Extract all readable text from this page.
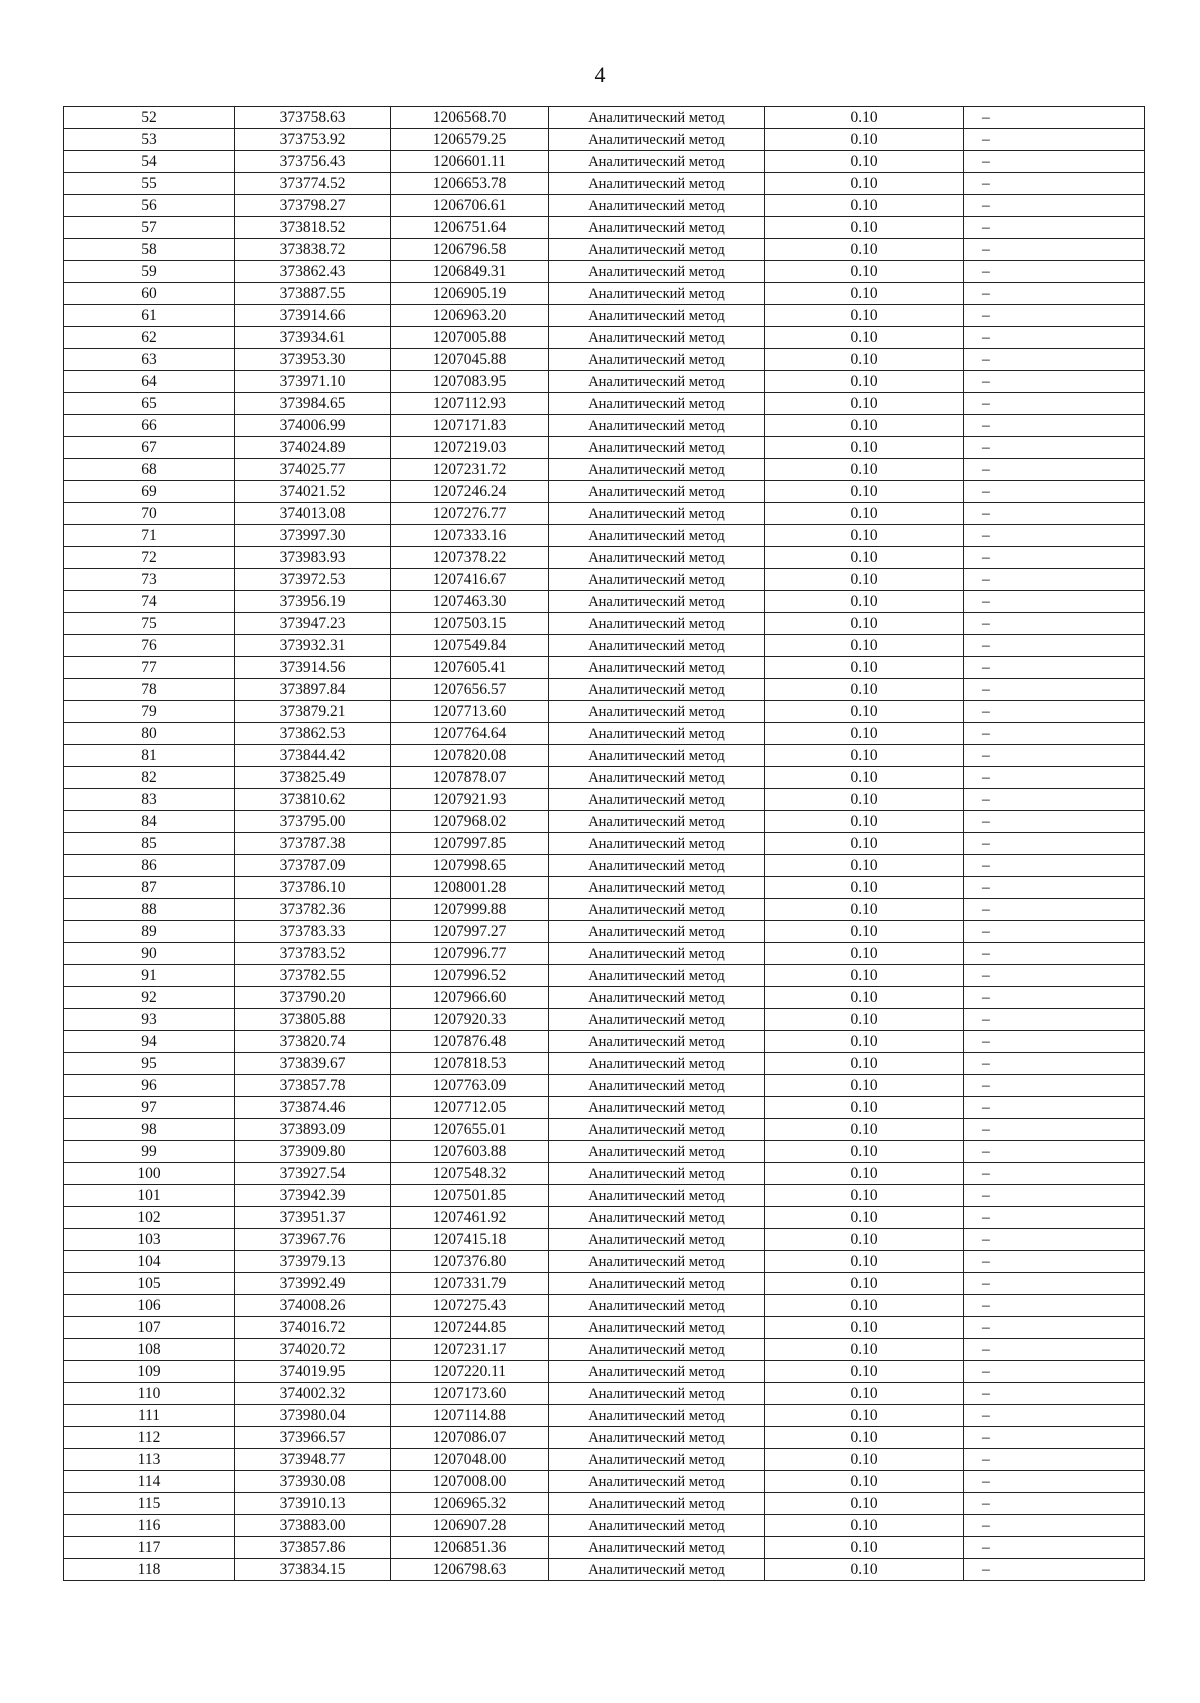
4
52	373758.63	1206568.70	Аналитический метод	0.10	–
53	373753.92	1206579.25	Аналитический метод	0.10	–
54	373756.43	1206601.11	Аналитический метод	0.10	–
55	373774.52	1206653.78	Аналитический метод	0.10	–
56	373798.27	1206706.61	Аналитический метод	0.10	–
57	373818.52	1206751.64	Аналитический метод	0.10	–
58	373838.72	1206796.58	Аналитический метод	0.10	–
59	373862.43	1206849.31	Аналитический метод	0.10	–
60	373887.55	1206905.19	Аналитический метод	0.10	–
61	373914.66	1206963.20	Аналитический метод	0.10	–
62	373934.61	1207005.88	Аналитический метод	0.10	–
63	373953.30	1207045.88	Аналитический метод	0.10	–
64	373971.10	1207083.95	Аналитический метод	0.10	–
65	373984.65	1207112.93	Аналитический метод	0.10	–
66	374006.99	1207171.83	Аналитический метод	0.10	–
67	374024.89	1207219.03	Аналитический метод	0.10	–
68	374025.77	1207231.72	Аналитический метод	0.10	–
69	374021.52	1207246.24	Аналитический метод	0.10	–
70	374013.08	1207276.77	Аналитический метод	0.10	–
71	373997.30	1207333.16	Аналитический метод	0.10	–
72	373983.93	1207378.22	Аналитический метод	0.10	–
73	373972.53	1207416.67	Аналитический метод	0.10	–
74	373956.19	1207463.30	Аналитический метод	0.10	–
75	373947.23	1207503.15	Аналитический метод	0.10	–
76	373932.31	1207549.84	Аналитический метод	0.10	–
77	373914.56	1207605.41	Аналитический метод	0.10	–
78	373897.84	1207656.57	Аналитический метод	0.10	–
79	373879.21	1207713.60	Аналитический метод	0.10	–
80	373862.53	1207764.64	Аналитический метод	0.10	–
81	373844.42	1207820.08	Аналитический метод	0.10	–
82	373825.49	1207878.07	Аналитический метод	0.10	–
83	373810.62	1207921.93	Аналитический метод	0.10	–
84	373795.00	1207968.02	Аналитический метод	0.10	–
85	373787.38	1207997.85	Аналитический метод	0.10	–
86	373787.09	1207998.65	Аналитический метод	0.10	–
87	373786.10	1208001.28	Аналитический метод	0.10	–
88	373782.36	1207999.88	Аналитический метод	0.10	–
89	373783.33	1207997.27	Аналитический метод	0.10	–
90	373783.52	1207996.77	Аналитический метод	0.10	–
91	373782.55	1207996.52	Аналитический метод	0.10	–
92	373790.20	1207966.60	Аналитический метод	0.10	–
93	373805.88	1207920.33	Аналитический метод	0.10	–
94	373820.74	1207876.48	Аналитический метод	0.10	–
95	373839.67	1207818.53	Аналитический метод	0.10	–
96	373857.78	1207763.09	Аналитический метод	0.10	–
97	373874.46	1207712.05	Аналитический метод	0.10	–
98	373893.09	1207655.01	Аналитический метод	0.10	–
99	373909.80	1207603.88	Аналитический метод	0.10	–
100	373927.54	1207548.32	Аналитический метод	0.10	–
101	373942.39	1207501.85	Аналитический метод	0.10	–
102	373951.37	1207461.92	Аналитический метод	0.10	–
103	373967.76	1207415.18	Аналитический метод	0.10	–
104	373979.13	1207376.80	Аналитический метод	0.10	–
105	373992.49	1207331.79	Аналитический метод	0.10	–
106	374008.26	1207275.43	Аналитический метод	0.10	–
107	374016.72	1207244.85	Аналитический метод	0.10	–
108	374020.72	1207231.17	Аналитический метод	0.10	–
109	374019.95	1207220.11	Аналитический метод	0.10	–
110	374002.32	1207173.60	Аналитический метод	0.10	–
111	373980.04	1207114.88	Аналитический метод	0.10	–
112	373966.57	1207086.07	Аналитический метод	0.10	–
113	373948.77	1207048.00	Аналитический метод	0.10	–
114	373930.08	1207008.00	Аналитический метод	0.10	–
115	373910.13	1206965.32	Аналитический метод	0.10	–
116	373883.00	1206907.28	Аналитический метод	0.10	–
117	373857.86	1206851.36	Аналитический метод	0.10	–
118	373834.15	1206798.63	Аналитический метод	0.10	–
